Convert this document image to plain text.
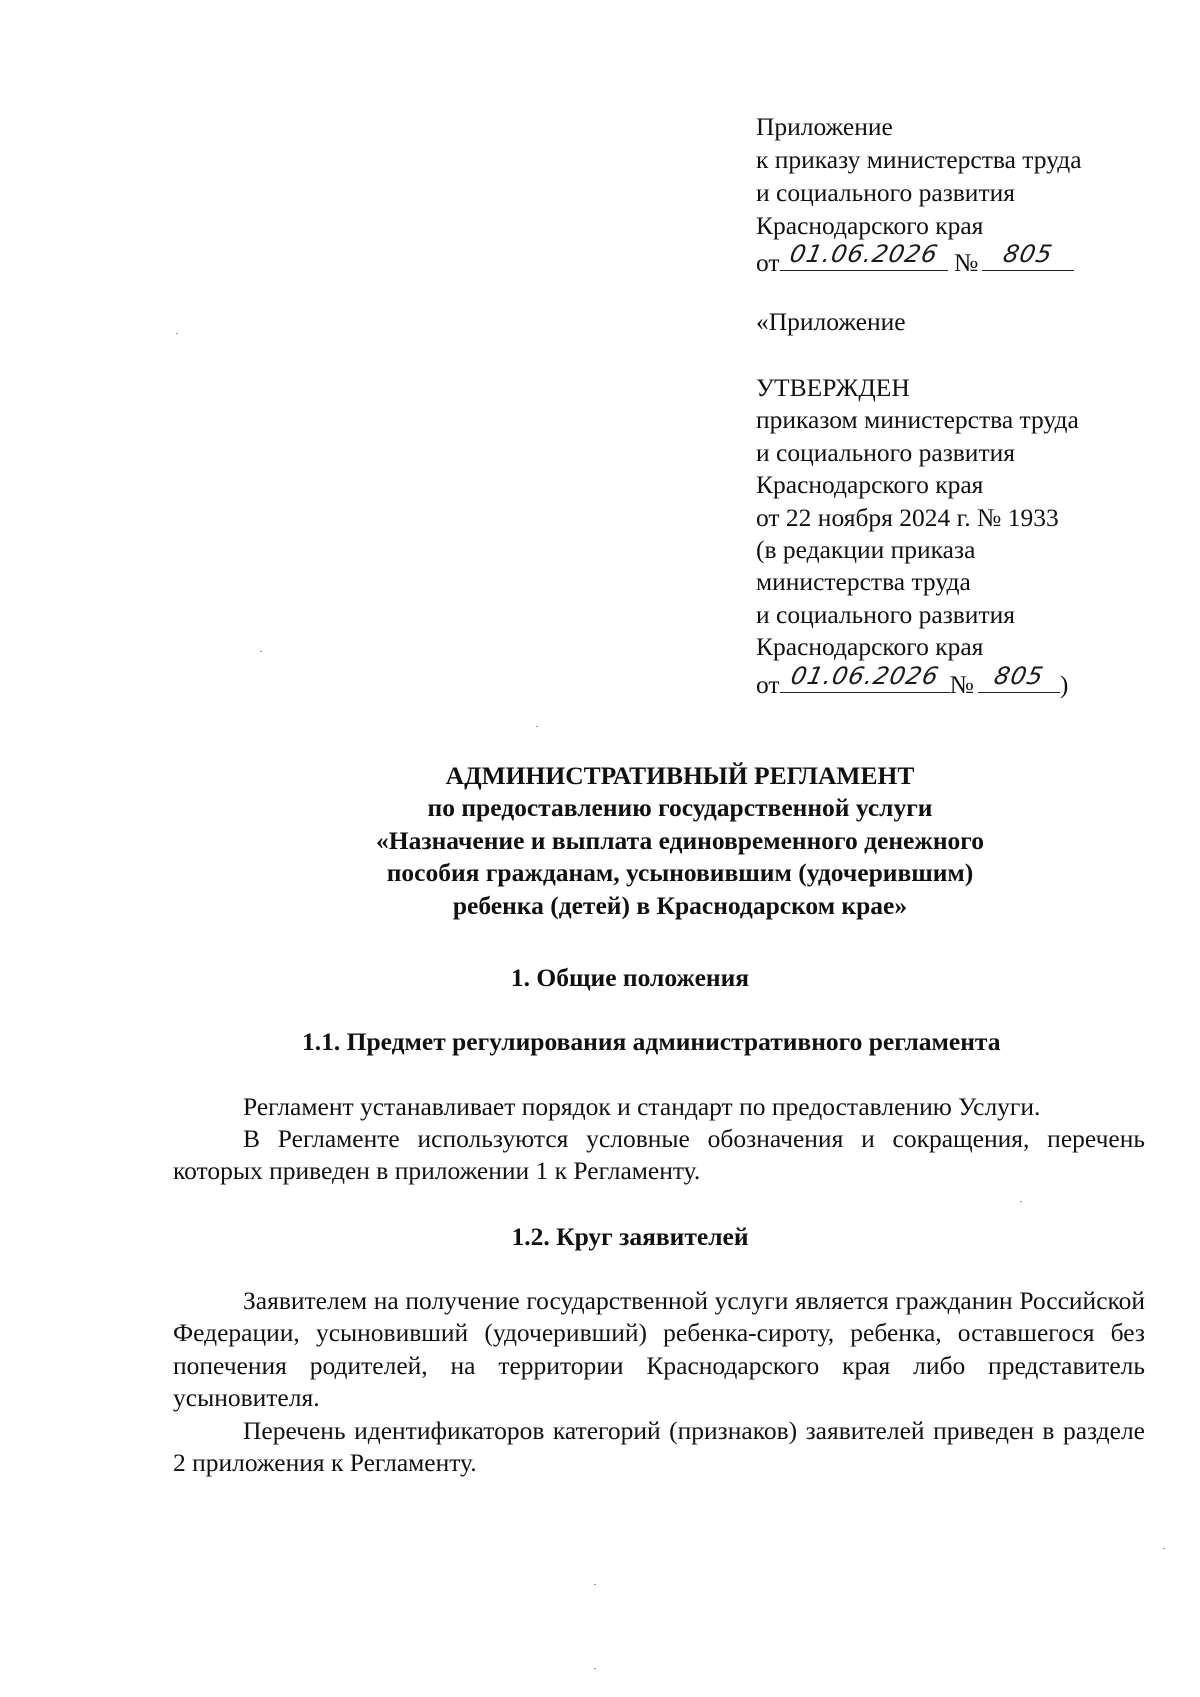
Приложение
к приказу министерства труда
и социального развития
Краснодарского края
от 01.06.2026 № 805
«Приложение
УТВЕРЖДЕН
приказом министерства труда
и социального развития
Краснодарского края
от 22 ноября 2024 г. № 1933
(в редакции приказа
министерства труда
и социального развития
Краснодарского края
от 01.06.2026 № 805 )
АДМИНИСТРАТИВНЫЙ РЕГЛАМЕНТ
по предоставлению государственной услуги
«Назначение и выплата единовременного денежного
пособия гражданам, усыновившим (удочерившим)
ребенка (детей) в Краснодарском крае»
1. Общие положения
1.1. Предмет регулирования административного регламента
Регламент устанавливает порядок и стандарт по предоставлению Услуги.
В Регламенте используются условные обозначения и сокращения, перечень которых приведен в приложении 1 к Регламенту.
1.2. Круг заявителей
Заявителем на получение государственной услуги является гражданин Российской Федерации, усыновивший (удочеривший) ребенка-сироту, ребенка, оставшегося без попечения родителей, на территории Краснодарского края либо представитель усыновителя.
Перечень идентификаторов категорий (признаков) заявителей приведен в разделе 2 приложения к Регламенту.
